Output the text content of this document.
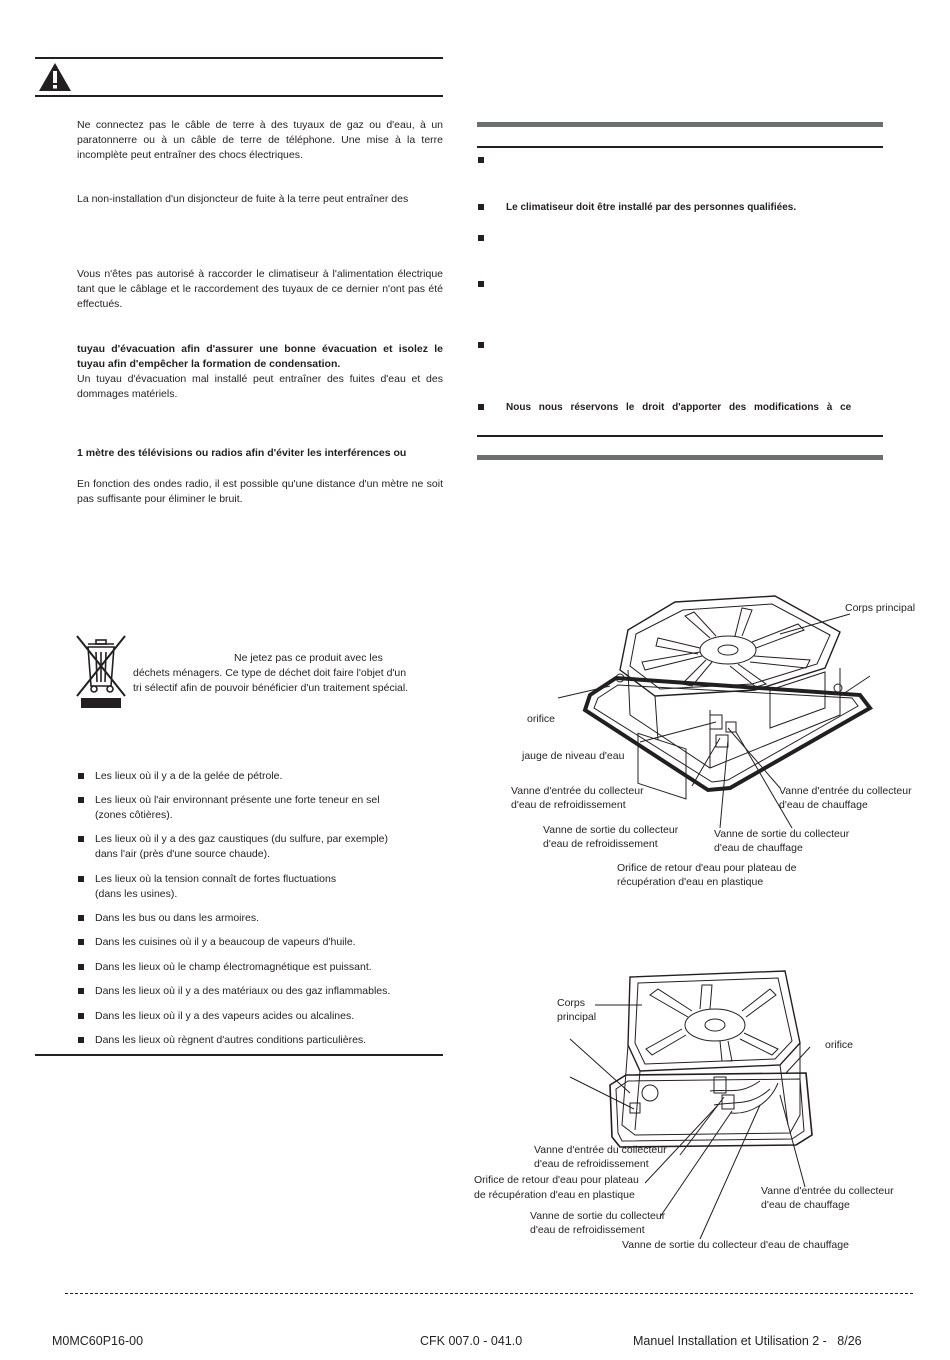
Ne connectez pas le câble de terre à des tuyaux de gaz ou d'eau, à un paratonnerre ou à un câble de terre de téléphone. Une mise à la terre incomplète peut entraîner des chocs électriques.

La non-installation d'un disjoncteur de fuite à la terre peut entraîner des

Vous n'êtes pas autorisé à raccorder le climatiseur à l'alimentation électrique tant que le câblage et le raccordement des tuyaux de ce dernier n'ont pas été effectués.

tuyau d'évacuation afin d'assurer une bonne évacuation et isolez le tuyau afin d'empêcher la formation de condensation.

Un tuyau d'évacuation mal installé peut entraîner des fuites d'eau et des dommages matériels.

1 mètre des télévisions ou radios afin d'éviter les interférences ou

En fonction des ondes radio, il est possible qu'une distance d'un mètre ne soit pas suffisante pour éliminer le bruit.

Ne jetez pas ce produit avec les
déchets ménagers. Ce type de déchet doit faire l'objet d'un
tri sélectif afin de pouvoir bénéficier d'un traitement spécial.
Les lieux où il y a de la gelée de pétrole.
Les lieux où l'air environnant présente une forte teneur en sel
(zones côtières).
Les lieux où il y a des gaz caustiques (du sulfure, par exemple)
dans l'air (près d'une source chaude).
Les lieux où la tension connaît de fortes fluctuations
(dans les usines).
Dans les bus ou dans les armoires.
Dans les cuisines où il y a beaucoup de vapeurs d'huile.
Dans les lieux où le champ électromagnétique est puissant.
Dans les lieux où il y a des matériaux ou des gaz inflammables.
Dans les lieux où il y a des vapeurs acides ou alcalines.
Dans les lieux où règnent d'autres conditions particulières.
Le climatiseur doit être installé par des personnes qualifiées.
Nous nous réservons le droit d'apporter des modifications à ce
Corps principal
orifice
jauge de niveau d'eau
Vanne d'entrée du collecteur
d'eau de refroidissement
Vanne d'entrée du collecteur
d'eau de chauffage
Vanne de sortie du collecteur
d'eau de refroidissement
Vanne de sortie du collecteur
d'eau de chauffage
Orifice de retour d'eau pour plateau de
récupération d'eau en plastique
Corps
principal
orifice
Vanne d'entrée du collecteur
d'eau de refroidissement
Orifice de retour d'eau pour plateau
de récupération d'eau en plastique	Vanne d'entrée du collecteur
d'eau de chauffage
Vanne de sortie du collecteur
d'eau de refroidissement
Vanne de sortie du collecteur d'eau de chauffage
M0MC60P16-00	CFK 007.0 - 041.0	Manuel Installation et Utilisation 2 -   8/26
